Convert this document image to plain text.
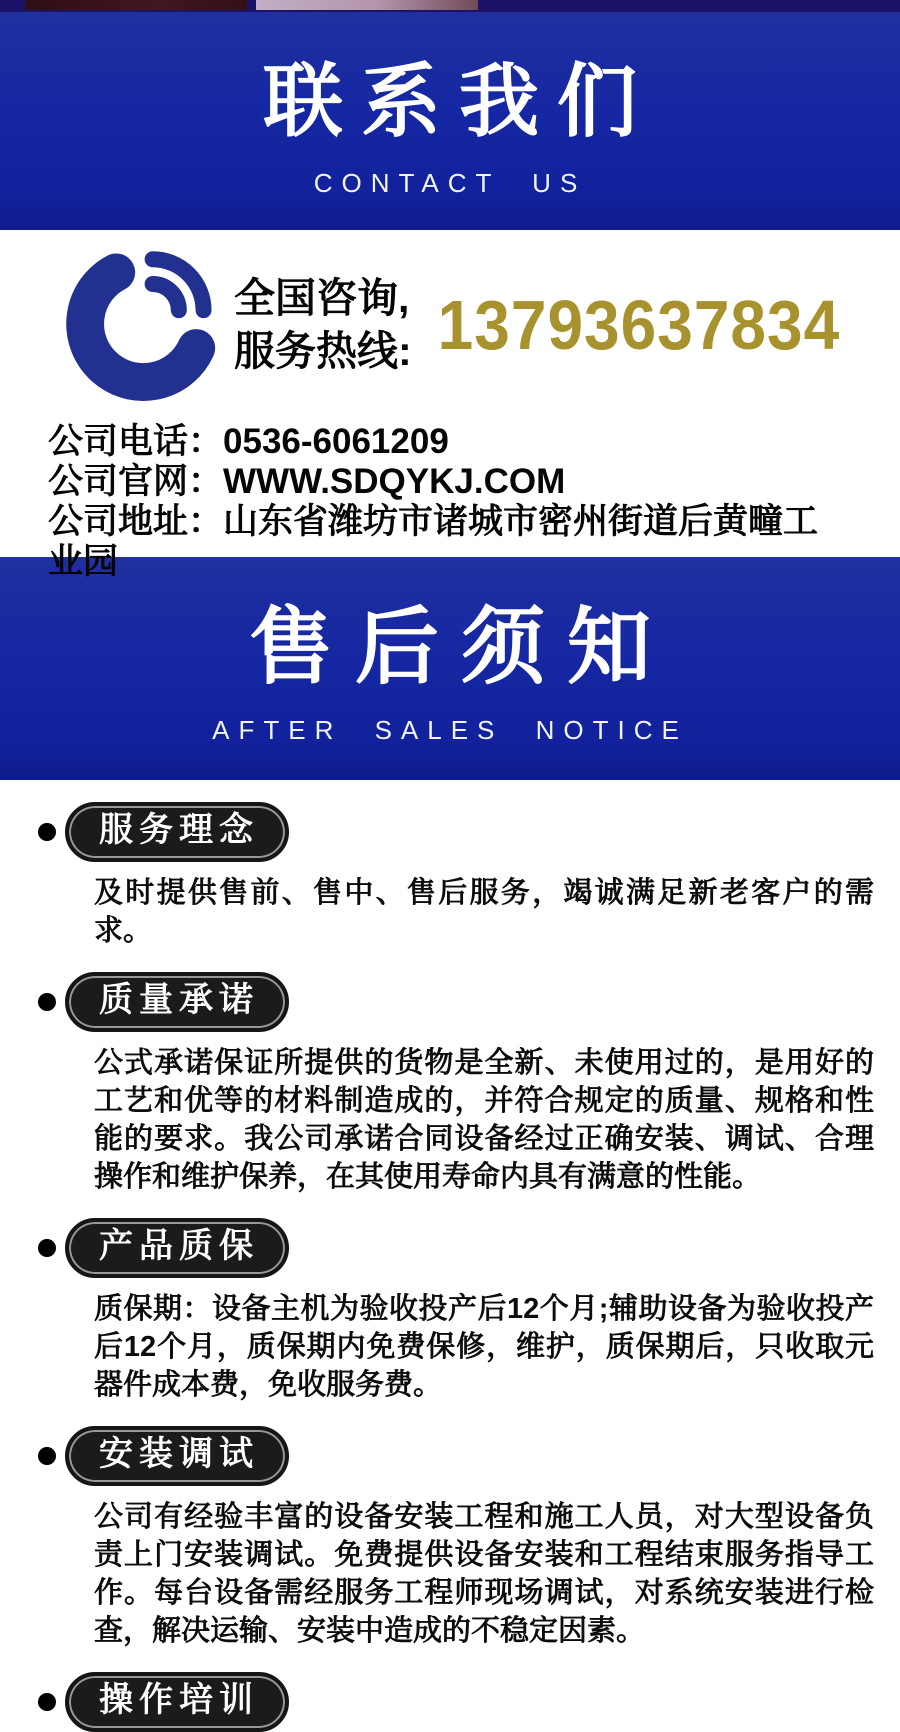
联系我们
CONTACT US
全国咨询,
服务热线: 13793637834

公司电话：0536-6061209

公司官网：WWW.SDQYKJ.COM

公司地址：山东省潍坊市诸城市密州街道后黄疃工业园

售后须知
AFTER SALES NOTICE
服务理念

及时提供售前、售中、售后服务，竭诚满足新老客户的需求。

质量承诺

公式承诺保证所提供的货物是全新、未使用过的，是用好的工艺和优等的材料制造成的，并符合规定的质量、规格和性能的要求。我公司承诺合同设备经过正确安装、调试、合理操作和维护保养，在其使用寿命内具有满意的性能。

产品质保

质保期：设备主机为验收投产后12个月;辅助设备为验收投产后12个月，质保期内免费保修，维护，质保期后，只收取元器件成本费，免收服务费。

安装调试

公司有经验丰富的设备安装工程和施工人员，对大型设备负责上门安装调试。免费提供设备安装和工程结束服务指导工作。每台设备需经服务工程师现场调试，对系统安装进行检查，解决运输、安装中造成的不稳定因素。

操作培训
